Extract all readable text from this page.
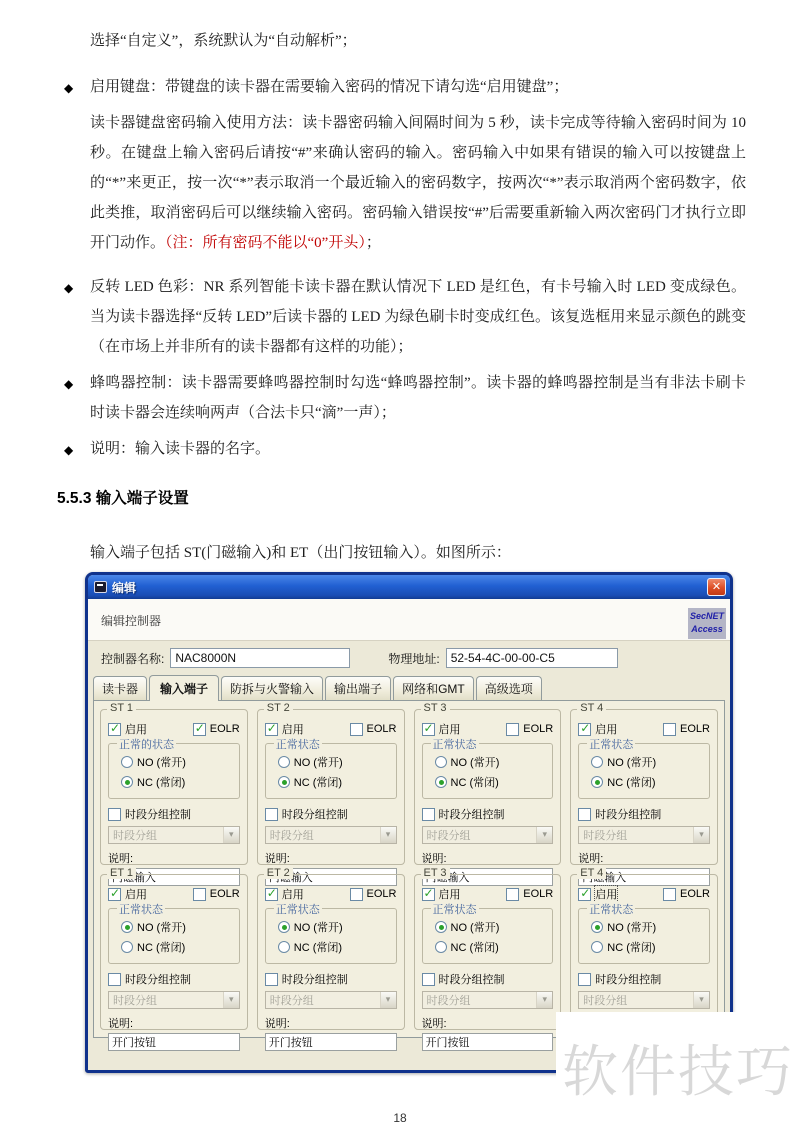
选择“自定义”，系统默认为“自动解析”；

◆ 启用键盘：带键盘的读卡器在需要输入密码的情况下请勾选“启用键盘”；

读卡器键盘密码输入使用方法：读卡器密码输入间隔时间为 5 秒，读卡完成等待输入密码时间为 10 秒。在键盘上输入密码后请按“#”来确认密码的输入。密码输入中如果有错误的输入可以按键盘上的“*”来更正，按一次“*”表示取消一个最近输入的密码数字，按两次“*”表示取消两个密码数字，依此类推，取消密码后可以继续输入密码。密码输入错误按“#”后需要重新输入两次密码门才执行立即开门动作。（注：所有密码不能以“0”开头）；

◆ 反转 LED 色彩：NR 系列智能卡读卡器在默认情况下 LED 是红色，有卡号输入时 LED 变成绿色。当为读卡器选择“反转 LED”后读卡器的 LED 为绿色刷卡时变成红色。该复选框用来显示颜色的跳变（在市场上并非所有的读卡器都有这样的功能）；

◆ 蜂鸣器控制：读卡器需要蜂鸣器控制时勾选“蜂鸣器控制”。读卡器的蜂鸣器控制是当有非法卡刷卡时读卡器会连续响两声（合法卡只“滴”一声）；

◆ 说明：输入读卡器的名字。

5.5.3 输入端子设置

输入端子包括 ST(门磁输入)和 ET（出门按钮输入）。如图所示：

编辑	✕
编辑控制器	SecNET
Access
控制器名称:
NAC8000N	物理地址:
52-54-4C-00-00-C5
读卡器	输入端子	防拆与火警输入	输出端子	网络和GMT	高级选项
ST 1
✓ 启用	✓ EOLR
正常的状态
NO (常开)
NC (常闭)
时段分组控制
时段分组	▾
说明:
门磁输入
ST 2
✓ 启用	EOLR
正常状态
NO (常开)
NC (常闭)
时段分组控制
时段分组	▾
说明:
门磁输入
ST 3
✓ 启用	EOLR
正常状态
NO (常开)
NC (常闭)
时段分组控制
时段分组	▾
说明:
门磁输入
ST 4
✓ 启用	EOLR
正常状态
NO (常开)
NC (常闭)
时段分组控制
时段分组	▾
说明:
门磁输入
ET 1
✓ 启用	EOLR
正常状态
NO (常开)
NC (常闭)
时段分组控制
时段分组	▾
说明:
开门按钮
ET 2
✓ 启用	EOLR
正常状态
NO (常开)
NC (常闭)
时段分组控制
时段分组	▾
说明:
开门按钮
ET 3
✓ 启用	EOLR
正常状态
NO (常开)
NC (常闭)
时段分组控制
时段分组	▾
说明:
开门按钮
ET 4
✓ 启用	EOLR
正常状态
NO (常开)
NC (常闭)
时段分组控制
时段分组	▾
软件技巧
18
